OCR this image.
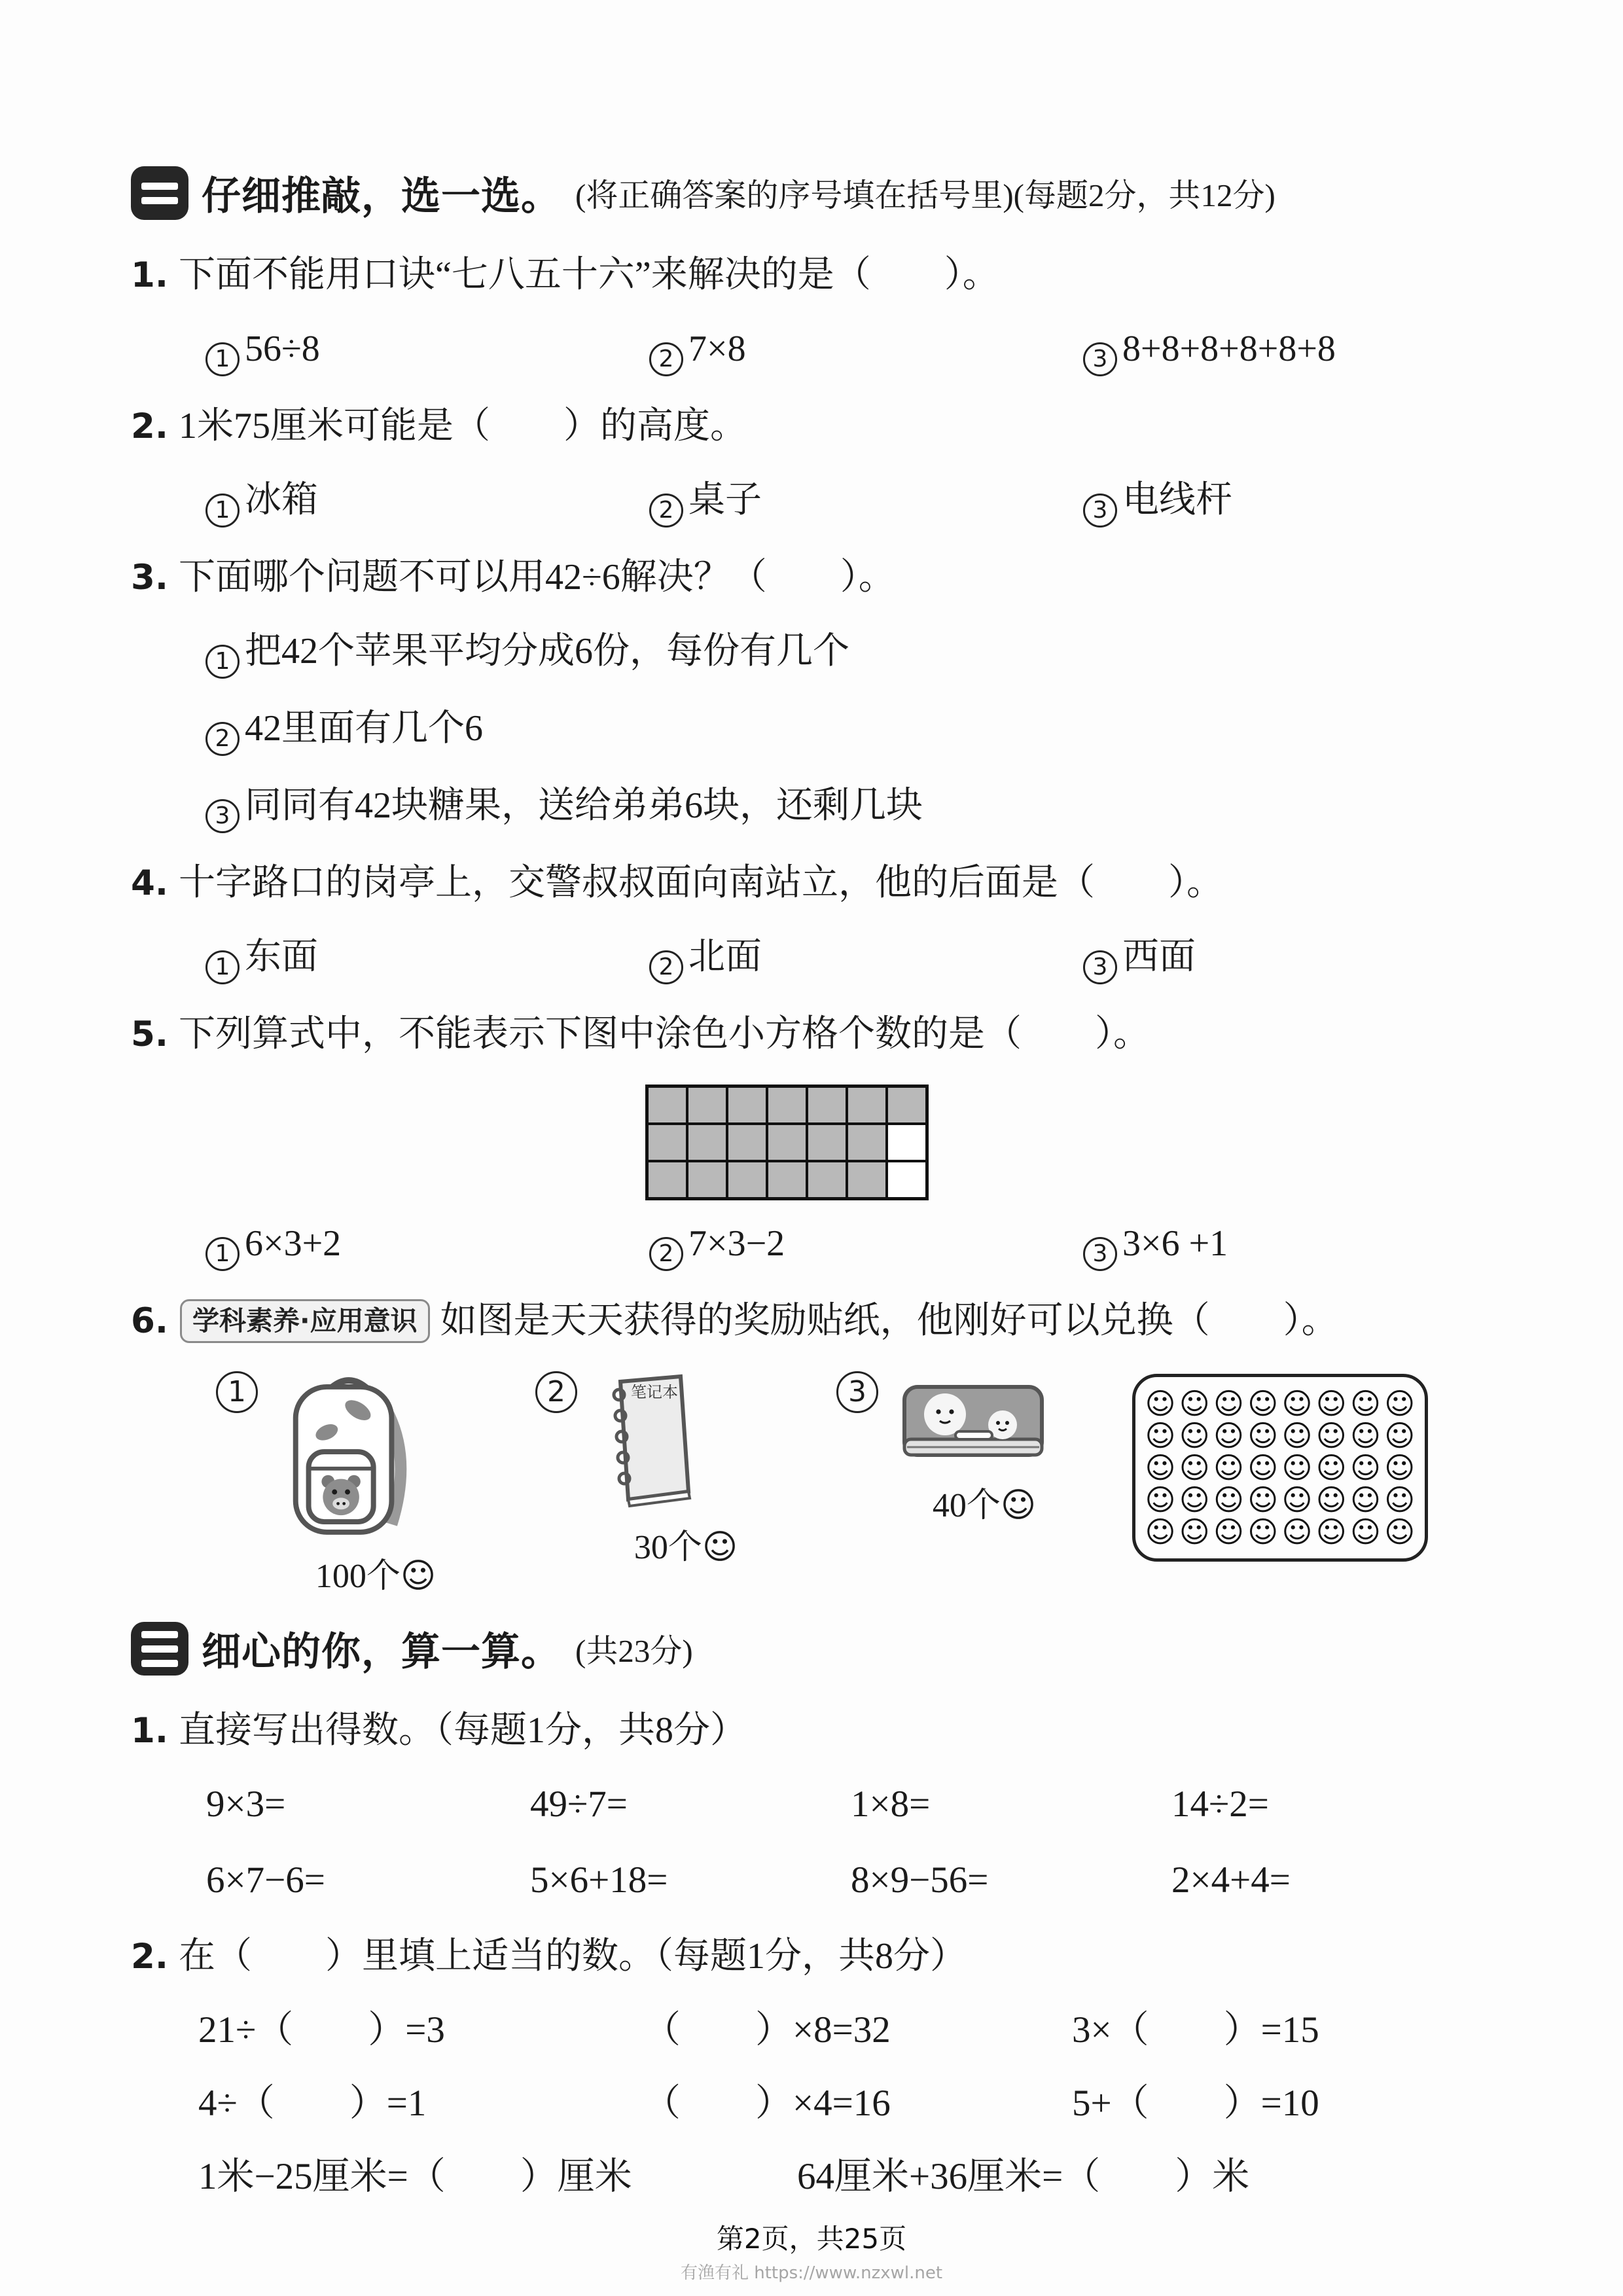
仔细推敲，选一选。 (将正确答案的序号填在括号里)(每题2分，共12分)
1. 下面不能用口诀“七八五十六”来解决的是（　　）。
1 56÷8	2 7×8	3 8+8+8+8+8+8
2. 1米75厘米可能是（　　）的高度。
1 冰箱	2 桌子	3 电线杆
3. 下面哪个问题不可以用42÷6解决？（　　）。
1 把42个苹果平均分成6份，每份有几个
2 42里面有几个6
3 同同有42块糖果，送给弟弟6块，还剩几块
4. 十字路口的岗亭上，交警叔叔面向南站立，他的后面是（　　）。
1 东面	2 北面	3 西面
5. 下列算式中，不能表示下图中涂色小方格个数的是（　　）。
1 6×3+2	2 7×3−2	3 3×6 +1
6. 学科素养·应用意识 如图是天天获得的奖励贴纸，他刚好可以兑换（　　）。
1
100个☺
2	笔记本
30个☺
3
40个☺
☺ ☺ ☺ ☺ ☺ ☺ ☺ ☺
☺ ☺ ☺ ☺ ☺ ☺ ☺ ☺
☺ ☺ ☺ ☺ ☺ ☺ ☺ ☺
☺ ☺ ☺ ☺ ☺ ☺ ☺ ☺
☺ ☺ ☺ ☺ ☺ ☺ ☺ ☺
细心的你，算一算。 (共23分)
1. 直接写出得数。（每题1分，共8分）
9×3=	49÷7=	1×8=	14÷2=
6×7−6=	5×6+18=	8×9−56=	2×4+4=
2. 在（　　）里填上适当的数。（每题1分，共8分）
21÷（　　）=3	（　　）×8=32	3×（　　）=15
4÷（　　）=1	（　　）×4=16	5+（　　）=10
1米−25厘米=（　　）厘米	64厘米+36厘米=（　　）米
第2页，共25页
有渔有礼 https://www.nzxwl.net
